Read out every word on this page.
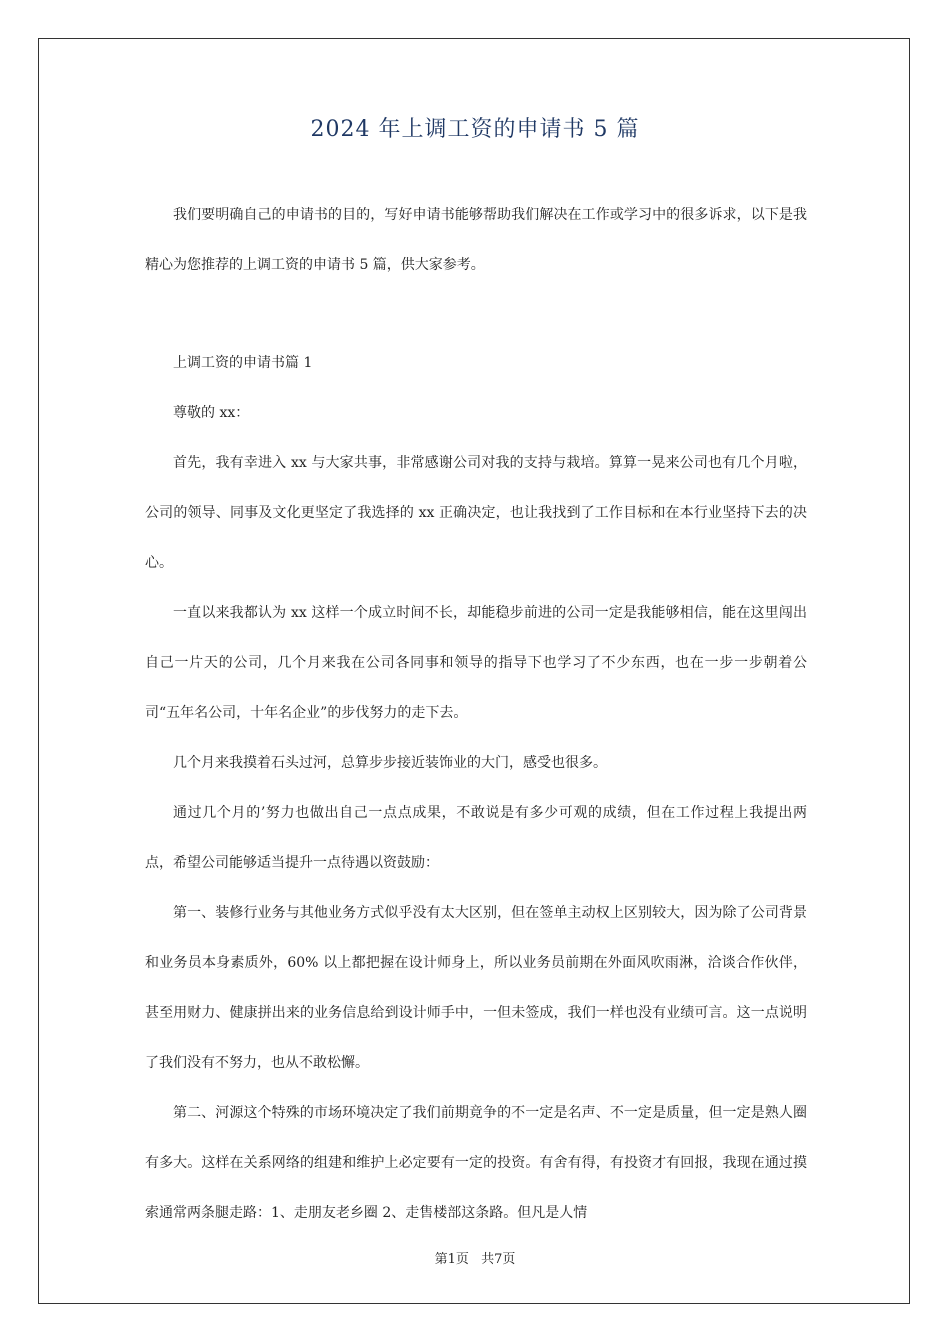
2024 年上调工资的申请书 5 篇

我们要明确自己的申请书的目的，写好申请书能够帮助我们解决在工作或学习中的很多诉求，以下是我精心为您推荐的上调工资的申请书 5 篇，供大家参考。

上调工资的申请书篇 1

尊敬的 xx：

首先，我有幸进入 xx 与大家共事，非常感谢公司对我的支持与栽培。算算一晃来公司也有几个月啦，公司的领导、同事及文化更坚定了我选择的 xx 正确决定，也让我找到了工作目标和在本行业坚持下去的决心。

一直以来我都认为 xx 这样一个成立时间不长，却能稳步前进的公司一定是我能够相信，能在这里闯出自己一片天的公司，几个月来我在公司各同事和领导的指导下也学习了不少东西，也在一步一步朝着公司“五年名公司，十年名企业”的步伐努力的走下去。

几个月来我摸着石头过河，总算步步接近装饰业的大门，感受也很多。

通过几个月的’努力也做出自己一点点成果，不敢说是有多少可观的成绩，但在工作过程上我提出两点，希望公司能够适当提升一点待遇以资鼓励：

第一、装修行业务与其他业务方式似乎没有太大区别，但在签单主动权上区别较大，因为除了公司背景和业务员本身素质外，60% 以上都把握在设计师身上，所以业务员前期在外面风吹雨淋，洽谈合作伙伴，甚至用财力、健康拼出来的业务信息给到设计师手中，一但未签成，我们一样也没有业绩可言。这一点说明了我们没有不努力，也从不敢松懈。

第二、河源这个特殊的市场环境决定了我们前期竟争的不一定是名声、不一定是质量，但一定是熟人圈有多大。这样在关系网络的组建和维护上必定要有一定的投资。有舍有得，有投资才有回报，我现在通过摸索通常两条腿走路：1、走朋友老乡圈 2、走售楼部这条路。但凡是人情

第1页 共7页
